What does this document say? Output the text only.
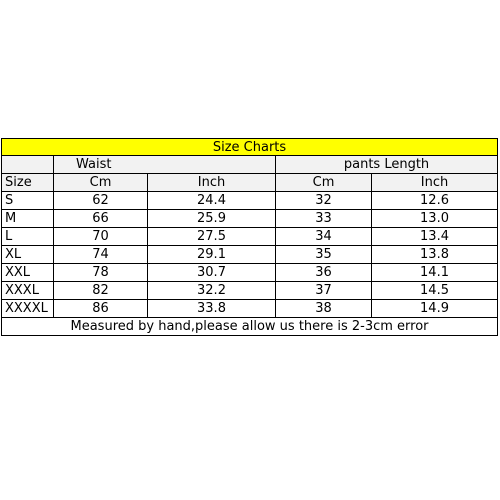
Size Charts				
	Waist		pants Length	
Size	Cm	Inch	Cm	Inch
S	62	24.4	32	12.6
M	66	25.9	33	13.0
L	70	27.5	34	13.4
XL	74	29.1	35	13.8
XXL	78	30.7	36	14.1
XXXL	82	32.2	37	14.5
XXXXL	86	33.8	38	14.9
Measured by hand,please allow us there is 2-3cm error				
